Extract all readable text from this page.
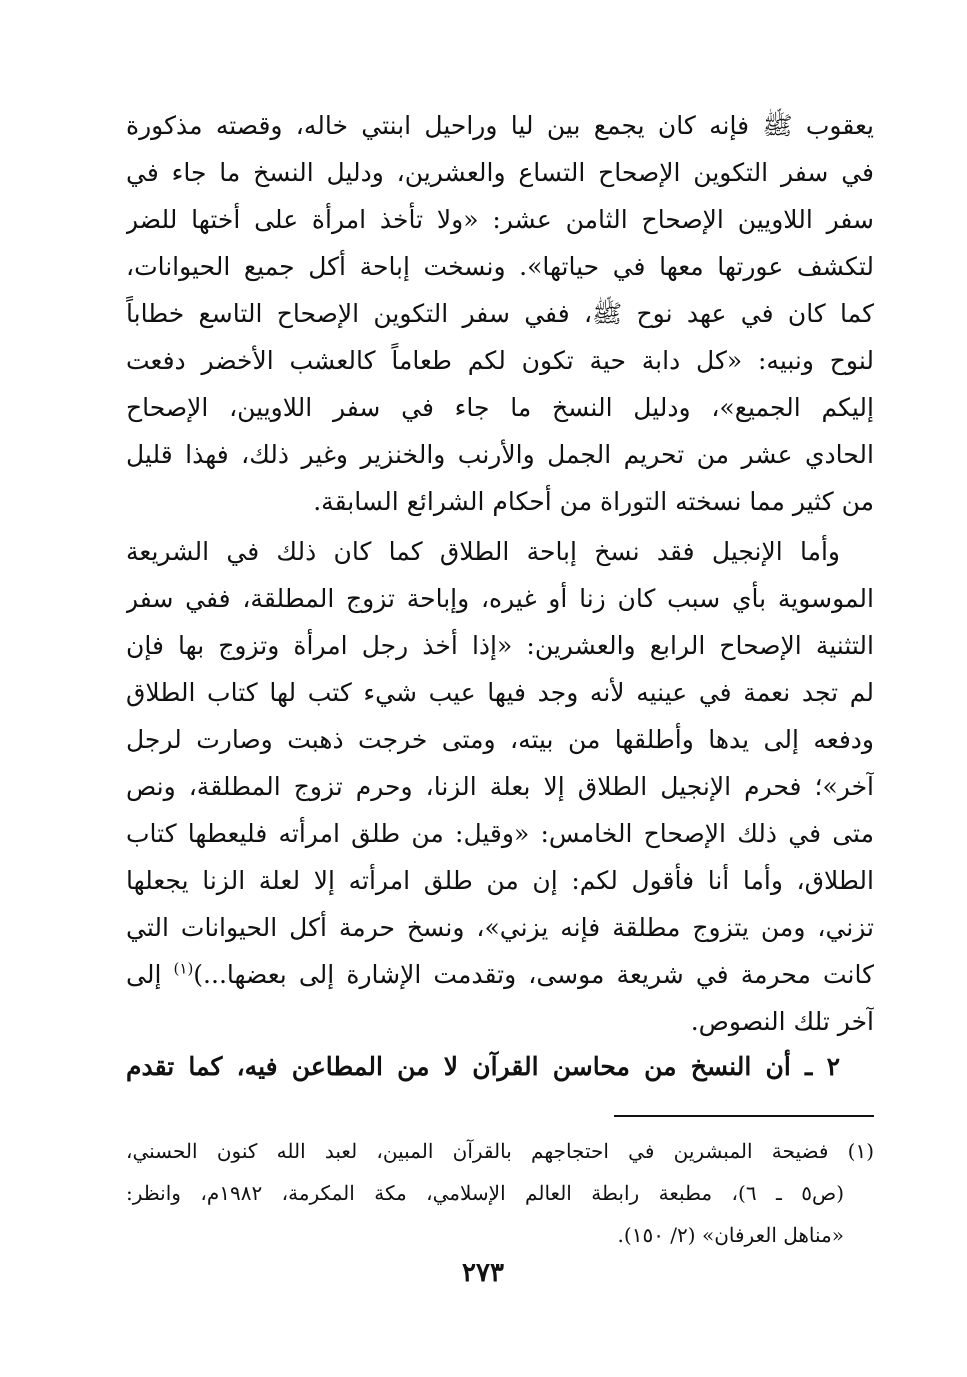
يعقوب ﷺ فإنه كان يجمع بين ليا وراحيل ابنتي خاله، وقصته مذكورة
في سفر التكوين الإصحاح التساع والعشرين، ودليل النسخ ما جاء في
سفر اللاويين الإصحاح الثامن عشر: «ولا تأخذ امرأة على أختها للضر
لتكشف عورتها معها في حياتها». ونسخت إباحة أكل جميع الحيوانات،
كما كان في عهد نوح ﷺ، ففي سفر التكوين الإصحاح التاسع خطاباً
لنوح ونبيه: «كل دابة حية تكون لكم طعاماً كالعشب الأخضر دفعت
إليكم الجميع»، ودليل النسخ ما جاء في سفر اللاويين، الإصحاح
الحادي عشر من تحريم الجمل والأرنب والخنزير وغير ذلك، فهذا قليل
من كثير مما نسخته التوراة من أحكام الشرائع السابقة.
وأما الإنجيل فقد نسخ إباحة الطلاق كما كان ذلك في الشريعة
الموسوية بأي سبب كان زنا أو غيره، وإباحة تزوج المطلقة، ففي سفر
التثنية الإصحاح الرابع والعشرين: «إذا أخذ رجل امرأة وتزوج بها فإن
لم تجد نعمة في عينيه لأنه وجد فيها عيب شيء كتب لها كتاب الطلاق
ودفعه إلى يدها وأطلقها من بيته، ومتى خرجت ذهبت وصارت لرجل
آخر»؛ فحرم الإنجيل الطلاق إلا بعلة الزنا، وحرم تزوج المطلقة، ونص
متى في ذلك الإصحاح الخامس: «وقيل: من طلق امرأته فليعطها كتاب
الطلاق، وأما أنا فأقول لكم: إن من طلق امرأته إلا لعلة الزنا يجعلها
تزني، ومن يتزوج مطلقة فإنه يزني»، ونسخ حرمة أكل الحيوانات التي
كانت محرمة في شريعة موسى، وتقدمت الإشارة إلى بعضها...)$^{(١)}$ إلى
آخر تلك النصوص.
٢ ـ أن النسخ من محاسن القرآن لا من المطاعن فيه، كما تقدم
(١) فضيحة المبشرين في احتجاجهم بالقرآن المبين، لعبد الله كنون الحسني،
(ص٥ ـ ٦)، مطبعة رابطة العالم الإسلامي، مكة المكرمة، ١٩٨٢م، وانظر:
«مناهل العرفان» (٢/ ١٥٠).
٢٧٣
